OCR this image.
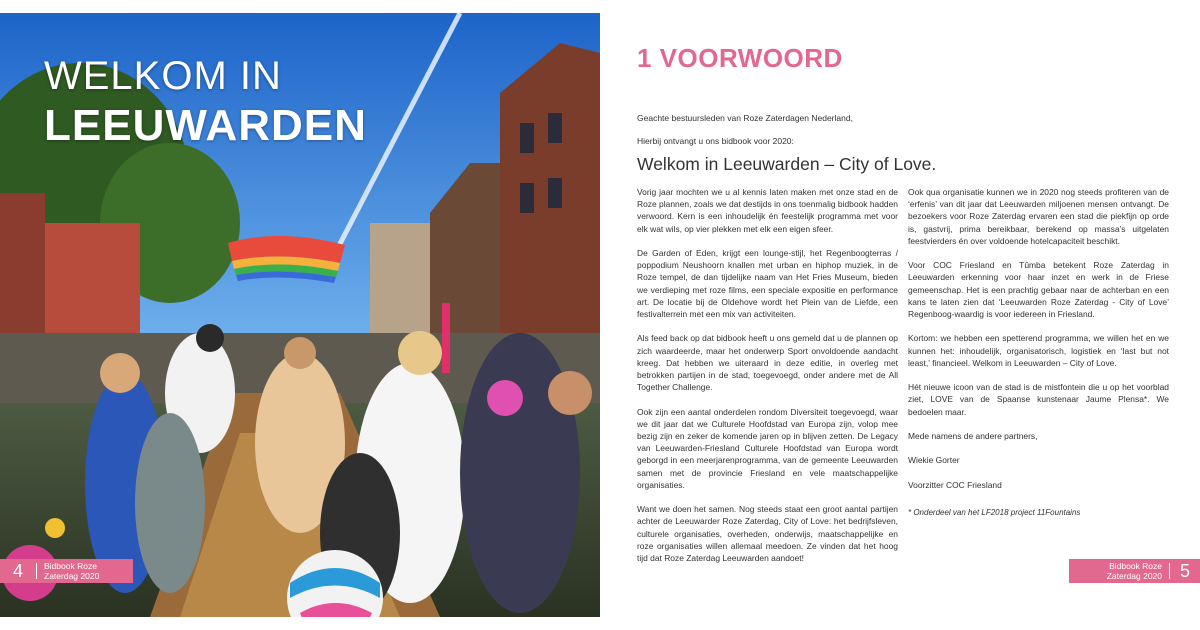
WELKOM IN
LEEUWARDEN
4	Bidbook Roze
Zaterdag 2020
1 VOORWOORD
Geachte bestuursleden van Roze Zaterdagen Nederland,
Hierbij ontvangt u ons bidbook voor 2020:
Welkom in Leeuwarden – City of Love.

Vorig jaar mochten we u al kennis laten maken met onze stad en de Roze plannen, zoals we dat destijds in ons toenmalig bidbook hadden verwoord. Kern is een inhoudelijk én feestelijk programma met voor elk wat wils, op vier plekken met elk een eigen sfeer.

De Garden of Eden, krijgt een lounge-stijl, het Regenboogterras / poppodium Neushoorn knallen met urban en hiphop muziek, in de Roze tempel, de dan tijdelijke naam van Het Fries Museum, bieden we verdieping met roze films, een speciale expositie en performance art. De locatie bij de Oldehove wordt het Plein van de Liefde, een festivalterrein met een mix van activiteiten.

Als feed back op dat bidbook heeft u ons gemeld dat u de plannen op zich waardeerde, maar het onderwerp Sport onvoldoende aandacht kreeg. Dat hebben we uiteraard in deze editie, in overleg met betrokken partijen in de stad, toegevoegd, onder andere met de All Together Challenge.

Ook zijn een aantal onderdelen rondom Diversiteit toegevoegd, waar we dit jaar dat we Culturele Hoofdstad van Europa zijn, volop mee bezig zijn en zeker de komende jaren op in blijven zetten. De Legacy van Leeuwarden-Friesland Culturele Hoofdstad van Europa wordt geborgd in een meerjarenprogramma, van de gemeente Leeuwarden samen met de provincie Friesland en vele maatschappelijke organisaties.

Want we doen het samen. Nog steeds staat een groot aantal partijen achter de Leeuwarder Roze Zaterdag, City of Love: het bedrijfsleven, culturele organisaties, overheden, onderwijs, maatschappelijke en roze organisaties willen allemaal meedoen. Ze vinden dat het hoog tijd dat Roze Zaterdag Leeuwarden aandoet!

Ook qua organisatie kunnen we in 2020 nog steeds profiteren van de ‘erfenis’ van dit jaar dat Leeuwarden miljoenen mensen ontvangt. De bezoekers voor Roze Zaterdag ervaren een stad die piekfijn op orde is, gastvrij, prima bereikbaar, berekend op massa’s uitgelaten feestvierders én over voldoende hotelcapaciteit beschikt.

Voor COC Friesland en Tûmba betekent Roze Zaterdag in Leeuwarden erkenning voor haar inzet en werk in de Friese gemeenschap. Het is een prachtig gebaar naar de achterban en een kans te laten zien dat ‘Leeuwarden Roze Zaterdag - City of Love’ Regenboog-waardig is voor iedereen in Friesland.

Kortom: we hebben een spetterend programma, we willen het en we kunnen het: inhoudelijk, organisatorisch, logistiek en ‘last but not least,’ financieel. Welkom in Leeuwarden – City of Love.

Hét nieuwe icoon van de stad is de mistfontein die u op het voorblad ziet, LOVE van de Spaanse kunstenaar Jaume Plensa*. We bedoelen maar.

Mede namens de andere partners,

Wiekie Gorter

Voorzitter COC Friesland

* Onderdeel van het LF2018 project 11Fountains

Bidbook Roze
Zaterdag 2020 5
